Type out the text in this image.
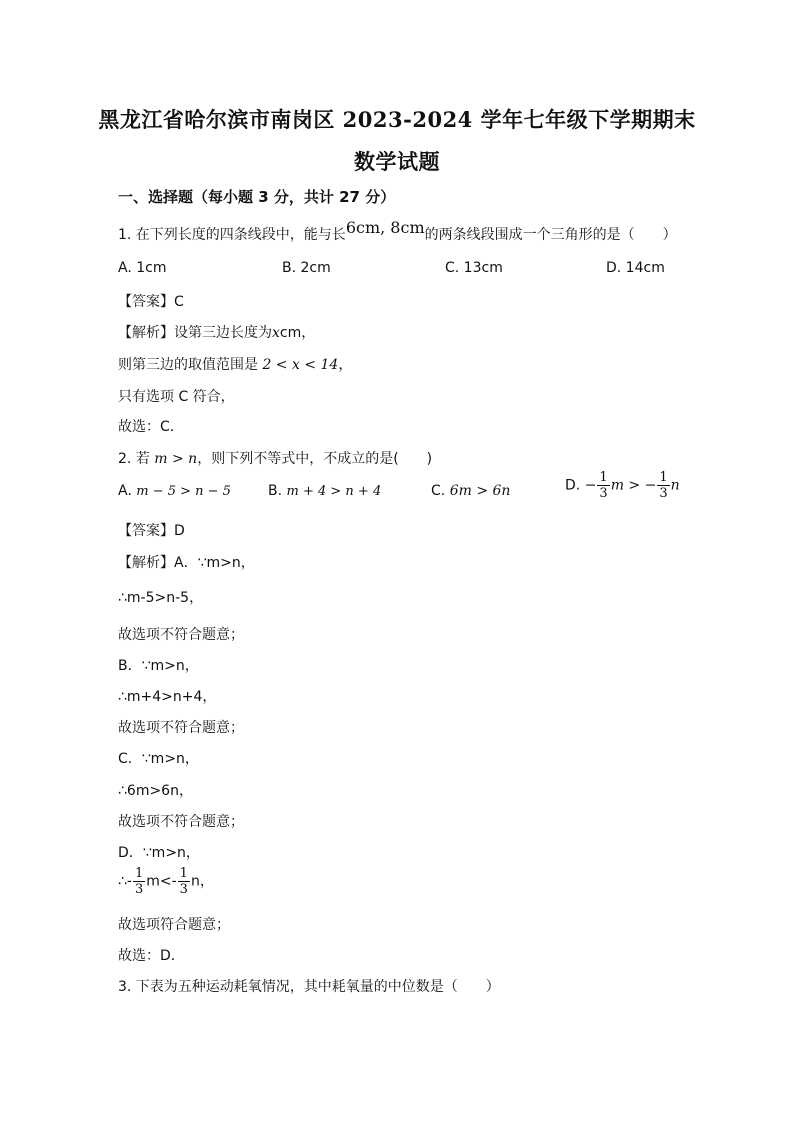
黑龙江省哈尔滨市南岗区 2023-2024 学年七年级下学期期末
数学试题
一、选择题（每小题 3 分，共计 27 分）
1. 在下列长度的四条线段中，能与长6cm, 8cm的两条线段围成一个三角形的是（　　）
A. 1cm	B. 2cm	C. 13cm	D. 14cm
【答案】C
【解析】设第三边长度为xcm，
则第三边的取值范围是 2 < x < 14，
只有选项 C 符合，
故选：C．
2. 若 m > n，则下列不等式中，不成立的是(　　)
A. m − 5 > n − 5	B. m + 4 > n + 4	C. 6m > 6n	D. − $\frac{1}{3}$ m > − $\frac{1}{3}$ n
【答案】D
【解析】A．∵m>n，
∴m-5>n-5，
故选项不符合题意；
B．∵m>n，
∴m+4>n+4，
故选项不符合题意；
C．∵m>n，
∴6m>6n，
故选项不符合题意；
D．∵m>n，
∴- $\frac{1}{3} m<- \frac{1}{3}$ n，
故选项符合题意；
故选：D．
3. 下表为五种运动耗氧情况，其中耗氧量的中位数是（　　）
